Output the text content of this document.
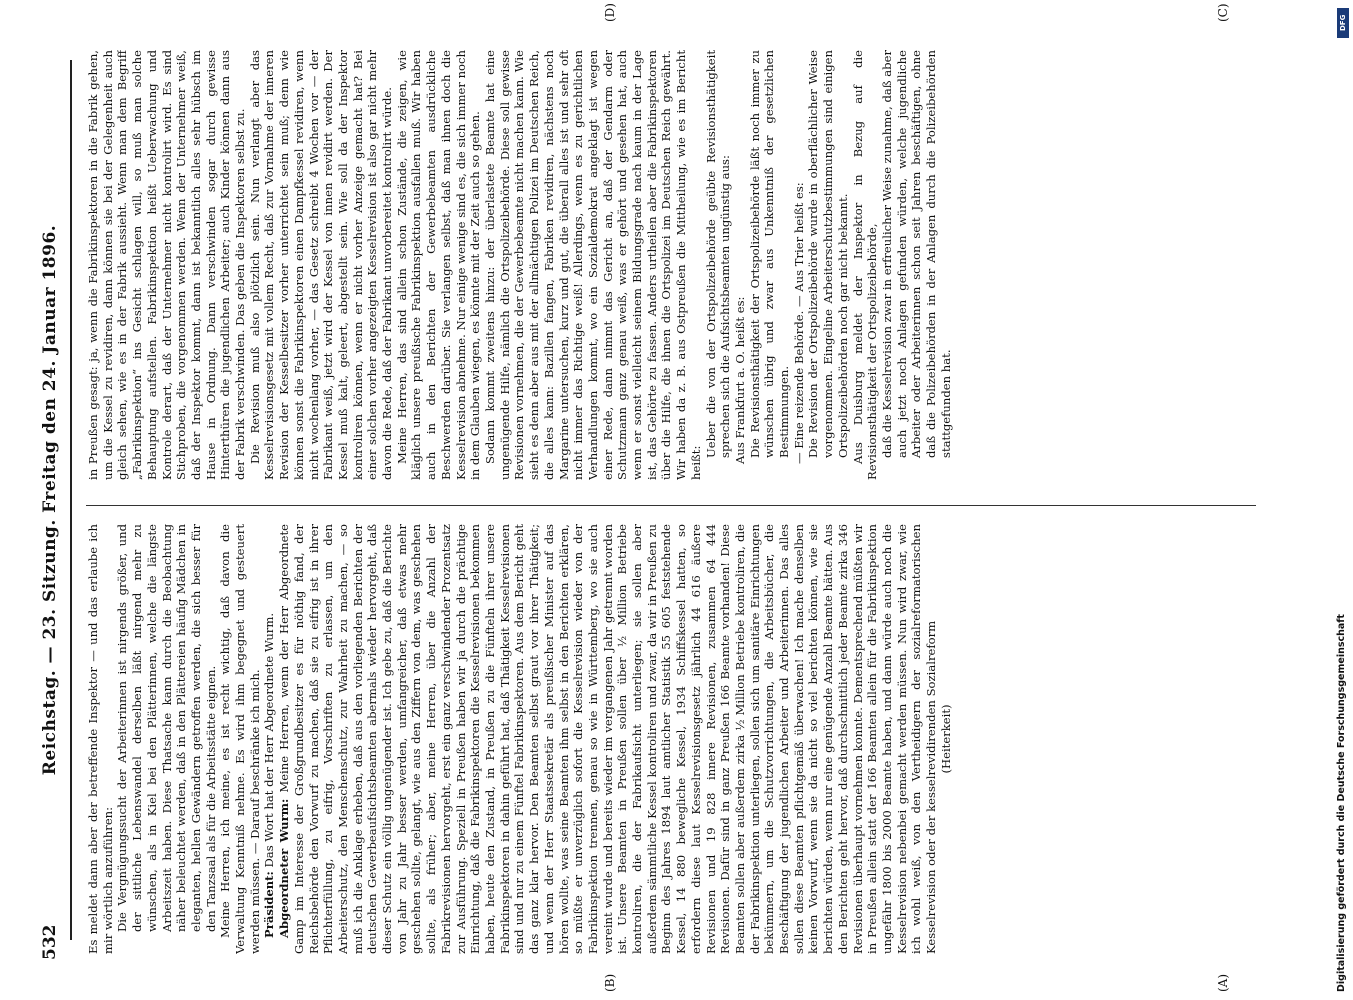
532
Reichstag. — 23. Sitzung. Freitag den 24. Januar 1896. Es meldet dann aber der betreffende Inspektor — und das erlaube ich mir wörtlich anzuführen: Die Vergnügungssucht der Arbeiterinnen ist nirgends größer, und der sittliche Lebenswandel derselben läßt nirgend mehr zu wünschen, als in Kiel bei den Plätterinnen, welche die längste Arbeitszeit haben. Diese Thatsache kann durch die Beobachtung näher beleuchtet werden, daß in den Plättereien häufig Mädchen in eleganten, hellen Gewändern getroffen werden, die sich besser für den Tanzsaal als für die Arbeitsstätte eignen. Meine Herren, ich meine, es ist recht wichtig, daß davon die Verwaltung Kenntniß nehme. Es wird ihm begegnet und gesteuert werden müssen. — Darauf beschränke ich mich. Präsident: Das Wort hat der Herr Abgeordnete Wurm.

Abgeordneter Wurm: Meine Herren, wenn der Herr Abgeordnete Gamp im Interesse der Großgrundbesitzer es für nöthig fand, der Reichsbehörde den Vorwurf zu machen, daß sie zu eifrig ist in ihrer Pflichterfüllung, zu eifrig, Vorschriften zu erlassen, um den Arbeiterschutz, den Menschenschutz, zur Wahrheit zu machen, — so muß ich die Anklage erheben, daß aus den vorliegenden Berichten der deutschen Gewerbeaufsichtsbeamten abermals wieder hervorgeht, daß dieser Schutz ein völlig ungenügender ist. Ich gebe zu, daß die Berichte von Jahr zu Jahr besser werden, umfangreicher, daß etwas mehr geschehen sollte, gelangt, wie aus den Ziffern von dem, was geschehen sollte, als früher; aber, meine Herren, über die Anzahl der Fabrikrevisionen hervorgeht, erst ein ganz verschwindender Prozentsatz zur Ausführung. Speziell in Preußen haben wir ja durch die prächtige Einrichtung, daß die Fabrikinspektoren die Kesselrevisionen bekommen haben, heute den Zustand, in Preußen zu die Fünfteln ihrer unsere Fabrikinspektoren in dahin geführt hat, daß Thätigkeit Kesselrevisionen sind und nur zu einem Fünftel Fabrikinspektoren. Aus dem Bericht geht das ganz klar hervor. Den Beamten selbst graut vor ihrer Thätigkeit; und wenn der Herr Staatssekretär als preußischer Minister auf das hören wollte, was seine Beamten ihm selbst in den Berichten erklären, so müßte er unverzüglich sofort die Kesselrevision wieder von der Fabrikinspektion trennen, genau so wie in Württemberg, wo sie auch vereint wurde und bereits wieder im vergangenen Jahr getrennt worden ist. Unsere Beamten in Preußen sollen über ½ Million Betriebe kontroliren, die der Fabrikaufsicht unterliegen; sie sollen aber außerdem sämmtliche Kessel kontroliren und zwar, da wir in Preußen zu Beginn des Jahres 1894 laut amtlicher Statistik 55 605 feststehende Kessel, 14 880 bewegliche Kessel, 1934 Schiffskessel hatten, so erfordern diese laut Kesselrevisionsgesetz jährlich 44 616 äußere Revisionen und 19 828 innere Revisionen, zusammen 64 444 Revisionen. Dafür sind in ganz Preußen 166 Beamte vorhanden! Diese Beamten sollen aber außerdem zirka ½ Million Betriebe kontroliren, die der Fabrikinspektion unterliegen, sollen sich um sanitäre Einrichtungen bekümmern, um die Schutzvorrichtungen, die Arbeitsbücher, die Beschäftigung der jugendlichen Arbeiter und Arbeiterinnen. Das alles sollen diese Beamten pflichtgemäß überwachen! Ich mache denselben keinen Vorwurf, wenn sie da nicht so viel berichten können, wie sie berichten würden, wenn nur eine genügende Anzahl Beamte hätten. Aus den Berichten geht hervor, daß durchschnittlich jeder Beamte zirka 346 Revisionen überhaupt vornehmen konnte. Dementsprechend müßten wir in Preußen allein statt der 166 Beamten allein für die Fabrikinspektion ungefähr 1800 bis 2000 Beamte haben, und dann würde auch noch die Kesselrevision nebenbei gemacht werden müssen. Nun wird zwar, wie ich wohl weiß, von den Vertheidigern der sozialreformatorischen Kesselrevision oder der kesselrevidirenden Sozialreform (Heiterkeit)

in Preußen gesagt: ja, wenn die Fabrikinspektoren in die Fabrik gehen, um die Kessel zu revidiren, dann können sie bei der Gelegenheit auch gleich sehen, wie es in der Fabrik aussieht. Wenn man dem Begriff „Fabrikinspektion“ ins Gesicht schlagen will, so muß man solche Behauptung aufstellen. Fabrikinspektion heißt Ueberwachung und Kontrole derart, daß der Unternehmer nicht kontrolirt wird. Es sind Stichproben, die vorgenommen werden. Wenn der Unternehmer weiß, daß der Inspektor kommt, dann ist bekanntlich alles sehr hübsch im Hause in Ordnung. Dann verschwinden sogar durch gewisse Hinterthüren die jugendlichen Arbeiter; auch Kinder können dann aus der Fabrik verschwinden. Das geben die Inspektoren selbst zu. Die Revision muß also plötzlich sein. Nun verlangt aber das Kesselrevisionsgesetz mit vollem Recht, daß zur Vornahme der inneren Revision der Kesselbesitzer vorher unterrichtet sein muß; denn wie können sonst die Fabrikinspektoren einen Dampfkessel revidiren, wenn nicht wochenlang vorher, — das Gesetz schreibt 4 Wochen vor — der Fabrikant weiß, jetzt wird der Kessel von innen revidirt werden. Der Kessel muß kalt, geleert, abgestellt sein. Wie soll da der Inspektor kontroliren können, wenn er nicht vorher Anzeige gemacht hat? Bei einer solchen vorher angezeigten Kesselrevision ist also gar nicht mehr davon die Rede, daß der Fabrikant unvorbereitet kontrolirt würde. Meine Herren, das sind allein schon Zustände, die zeigen, wie kläglich unsere preußische Fabrikinspektion ausfallen muß. Wir haben auch in den Berichten der Gewerbebeamten ausdrückliche Beschwerden darüber. Sie verlangen selbst, daß man ihnen doch die Kesselrevision abnehme. Nur einige wenige sind es, die sich immer noch in dem Glauben wiegen, es könnte mit der Zeit auch so gehen. Sodann kommt zweitens hinzu: der überlastete Beamte hat eine ungenügende Hilfe, nämlich die Ortspolizeibehörde. Diese soll gewisse Revisionen vornehmen, die der Gewerbebeamte nicht machen kann. Wie sieht es denn aber aus mit der allmächtigen Polizei im Deutschen Reich, die alles kann: Bazillen fangen, Fabriken revidiren, nächstens noch Margarine untersuchen, kurz und gut, die überall alles ist und sehr oft nicht immer das Richtige weiß! Allerdings, wenn es zu gerichtlichen Verhandlungen kommt, wo ein Sozialdemokrat angeklagt ist wegen einer Rede, dann nimmt das Gericht an, daß der Gendarm oder Schutzmann ganz genau weiß, was er gehört und gesehen hat, auch wenn er sonst vielleicht seinem Bildungsgrade nach kaum in der Lage ist, das Gehörte zu fassen. Anders urtheilen aber die Fabrikinspektoren über die Hilfe, die ihnen die Ortspolizei im Deutschen Reich gewährt. Wir haben da z. B. aus Ostpreußen die Mittheilung, wie es im Bericht heißt:

Ueber die von der Ortspolizeibehörde geübte Revisionsthätigkeit sprechen sich die Aufsichtsbeamten ungünstig aus: Aus Frankfurt a. O. heißt es: Die Revisionsthätigkeit der Ortspolizeibehörde läßt noch immer zu wünschen übrig und zwar aus Unkenntniß der gesetzlichen Bestimmungen. — Eine reizende Behörde. — Aus Trier heißt es: Die Revision der Ortspolizeibehörde wurde in oberflächlicher Weise vorgenommen. Eingeline Arbeiterschutzbestimmungen sind einigen Ortspolizeibehörden noch gar nicht bekannt. Aus Duisburg meldet der Inspektor in Bezug auf die Revisionsthätigkeit der Ortspolizeibehörde, daß die Kesselrevision zwar in erfreulicher Weise zunahme, daß aber auch jetzt noch Anlagen gefunden würden, welche jugendliche Arbeiter oder Arbeiterinnen schon seit Jahren beschäftigen, ohne daß die Polizeibehörden in der Anlagen durch die Polizeibehörden stattgefunden hat.

(A)
(B)
(C)
(D)
DFG
Digitalisierung gefördert durch die Deutsche Forschungsgemeinschaft
